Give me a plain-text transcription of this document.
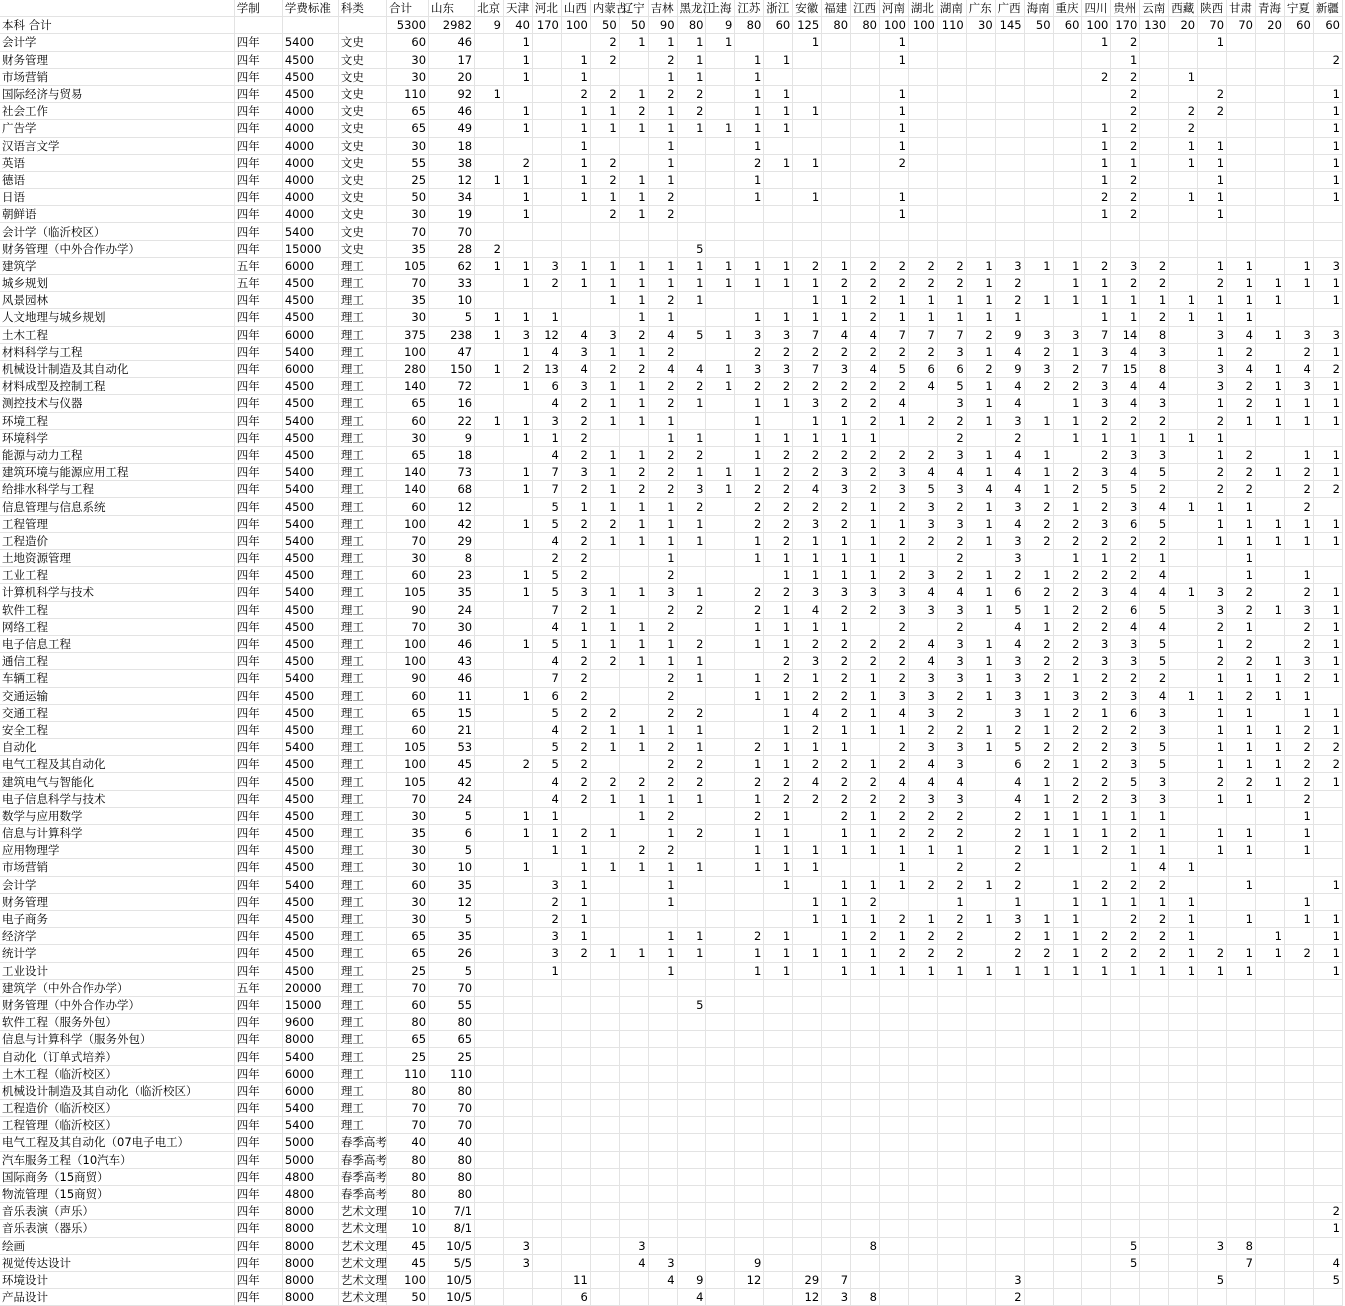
	学制	学费标准	科类	合计	山东	北京	天津	河北	山西	内蒙古	辽宁	吉林	黑龙江	上海	江苏	浙江	安徽	福建	江西	河南	湖北	湖南	广东	广西	海南	重庆	四川	贵州	云南	西藏	陕西	甘肃	青海	宁夏	新疆
本科 合计				5300	2982	9	40	170	100	50	50	90	80	9	80	60	125	80	80	100	100	110	30	145	50	60	100	170	130	20	70	70	20	60	60
会计学	四年	5400	文史	60	46		1			2	1	1	1	1			1			1							1	2			1				
财务管理	四年	4500	文史	30	17		1		1	2		2	1		1	1				1								1							2
市场营销	四年	4500	文史	30	20		1		1			1	1		1												2	2		1					
国际经济与贸易	四年	4500	文史	110	92	1			2	2	1	2	2		1	1				1								2			2				1
社会工作	四年	4000	文史	65	46		1		1	1	2	1	2		1	1	1			1								2		2	2				1
广告学	四年	4000	文史	65	49		1		1	1	1	1	1	1	1	1				1							1	2		2					1
汉语言文学	四年	4000	文史	30	18				1			1			1					1							1	2		1	1				1
英语	四年	4000	文史	55	38		2		1	2		1			2	1	1			2							1	1		1	1				1
德语	四年	4000	文史	25	12	1	1		1	2	1	1			1												1	2			1				1
日语	四年	4000	文史	50	34		1		1	1	1	2			1		1			1							2	2		1	1				1
朝鲜语	四年	4000	文史	30	19		1			2	1	2								1							1	2			1				
会计学（临沂校区）	四年	5400	文史	70	70																														
财务管理（中外合作办学）	四年	15000	文史	35	28	2							5																						
建筑学	五年	6000	理工	105	62	1	1	3	1	1	1	1	1	1	1	1	2	1	2	2	2	2	1	3	1	1	2	3	2		1	1		1	3
城乡规划	五年	4500	理工	70	33		1	2	1	1	1	1	1	1	1	1	1	2	2	2	2	2	1	2		1	1	2	2		2	1	1	1	1
风景园林	四年	4500	理工	35	10					1	1	2	1				1	1	2	1	1	1	1	2	1	1	1	1	1	1	1	1	1		1
人文地理与城乡规划	四年	4500	理工	30	5	1	1	1			1	1			1	1	1	1	2	1	1	1	1	1			1	1	2	1	1	1			
土木工程	四年	6000	理工	375	238	1	3	12	4	3	2	4	5	1	3	3	7	4	4	7	7	7	2	9	3	3	7	14	8		3	4	1	3	3
材料科学与工程	四年	5400	理工	100	47		1	4	3	1	1	2			2	2	2	2	2	2	2	3	1	4	2	1	3	4	3		1	2		2	1
机械设计制造及其自动化	四年	6000	理工	280	150	1	2	13	4	2	2	4	4	1	3	3	7	3	4	5	6	6	2	9	3	2	7	15	8		3	4	1	4	2
材料成型及控制工程	四年	4500	理工	140	72		1	6	3	1	1	2	2	1	2	2	2	2	2	2	4	5	1	4	2	2	3	4	4		3	2	1	3	1
测控技术与仪器	四年	4500	理工	65	16			4	2	1	1	2	1		1	1	3	2	2	4		3	1	4		1	3	4	3		1	2	1	1	1
环境工程	四年	5400	理工	60	22	1	1	3	2	1	1	1			1		1	1	2	1	2	2	1	3	1	1	2	2	2		2	1	1	1	1
环境科学	四年	4500	理工	30	9		1	1	2			1	1		1	1	1	1	1			2		2		1	1	1	1	1	1				
能源与动力工程	四年	4500	理工	65	18			4	2	1	1	2	2		1	2	2	2	2	2	2	3	1	4	1		2	3	3		1	2		1	1
建筑环境与能源应用工程	四年	5400	理工	140	73		1	7	3	1	2	2	1	1	1	2	2	3	2	3	4	4	1	4	1	2	3	4	5		2	2	1	2	1
给排水科学与工程	四年	5400	理工	140	68		1	7	2	1	2	2	3	1	2	2	4	3	2	3	5	3	4	4	1	2	5	5	2		2	2		2	2
信息管理与信息系统	四年	4500	理工	60	12			5	1	1	1	1	2		2	2	2	2	1	2	3	2	1	3	2	1	2	3	4	1	1	1		2	
工程管理	四年	5400	理工	100	42		1	5	2	2	1	1	1		2	2	3	2	1	1	3	3	1	4	2	2	3	6	5		1	1	1	1	1
工程造价	四年	5400	理工	70	29			4	2	1	1	1	1		1	2	1	1	1	2	2	2	1	3	2	2	2	2	2		1	1	1	1	1
土地资源管理	四年	4500	理工	30	8			2	2			1			1	1	1	1	1	1		2		3		1	1	2	1			1			
工业工程	四年	4500	理工	60	23		1	5	2			2				1	1	1	1	2	3	2	1	2	1	2	2	2	4			1		1	
计算机科学与技术	四年	5400	理工	105	35		1	5	3	1	1	3	1		2	2	3	3	3	3	4	4	1	6	2	2	3	4	4	1	3	2		2	1
软件工程	四年	4500	理工	90	24			7	2	1		2	2		2	1	4	2	2	3	3	3	1	5	1	2	2	6	5		3	2	1	3	1
网络工程	四年	4500	理工	70	30			4	1	1	1	2			1	1	1	1		2		2		4	1	2	2	4	4		2	1		2	1
电子信息工程	四年	4500	理工	100	46		1	5	1	1	1	1	2		1	1	2	2	2	2	4	3	1	4	2	2	3	3	5		1	2		2	1
通信工程	四年	4500	理工	100	43			4	2	2	1	1	1			2	3	2	2	2	4	3	1	3	2	2	3	3	5		2	2	1	3	1
车辆工程	四年	5400	理工	90	46			7	2			2	1		1	2	1	2	1	2	3	3	1	3	2	1	2	2	2		1	1	1	2	1
交通运输	四年	4500	理工	60	11		1	6	2			2			1	1	2	2	1	3	3	2	1	3	1	3	2	3	4	1	1	2	1	1	
交通工程	四年	4500	理工	65	15			5	2	2		2	2			1	4	2	1	4	3	2		3	1	2	1	6	3		1	1		1	1
安全工程	四年	4500	理工	60	21			4	2	1	1	1	1			1	2	1	1	1	2	2	1	2	1	2	2	2	3		1	1	1	2	1
自动化	四年	5400	理工	105	53			5	2	1	1	2	1		2	1	1	1		2	3	3	1	5	2	2	2	3	5		1	1	1	2	2
电气工程及其自动化	四年	4500	理工	100	45		2	5	2			2	2		1	1	2	2	1	2	4	3		6	2	1	2	3	5		1	1	1	2	2
建筑电气与智能化	四年	4500	理工	105	42			4	2	2	2	2	2		2	2	4	2	2	4	4	4		4	1	2	2	5	3		2	2	1	2	1
电子信息科学与技术	四年	4500	理工	70	24			4	2	1	1	1	1		1	2	2	2	2	2	3	3		4	1	2	2	3	3		1	1		2	
数学与应用数学	四年	4500	理工	30	5		1	1			1	2			2	1		2	1	2	2	2		2	1	1	1	1	1					1	
信息与计算科学	四年	4500	理工	35	6		1	1	2	1		1	2		1	1		1	1	2	2	2		2	1	1	1	2	1		1	1		1	
应用物理学	四年	4500	理工	30	5			1	1		2	2			1	1	1	1	1	1	1	1		2	1	1	2	1	1		1	1		1	
市场营销	四年	4500	理工	30	10		1		1	1	1	1	1		1	1	1			1		2		2				1	4	1					
会计学	四年	5400	理工	60	35			3	1			1				1		1	1	1	2	2	1	2		1	2	2	2			1			1
财务管理	四年	4500	理工	30	12			2	1			1					1	1	2			1		1		1	1	1	1	1				1	
电子商务	四年	4500	理工	30	5			2	1								1	1	1	2	1	2	1	3	1	1		2	2	1		1		1	1
经济学	四年	4500	理工	65	35			3	1			1	1		2	1		1	2	1	2	2		2	1	1	2	2	2	1			1		1
统计学	四年	4500	理工	65	26			3	2	1	1	1	1		1	1	1	1	1	2	2	2		2	2	1	2	2	2	1	2	1	1	2	1
工业设计	四年	4500	理工	25	5			1				1			1	1		1	1	1	1	1	1	1	1	1	1	1	1	1	1	1			1
建筑学（中外合作办学）	五年	20000	理工	70	70																														
财务管理（中外合作办学）	四年	15000	理工	60	55								5																						
软件工程（服务外包）	四年	9600	理工	80	80																														
信息与计算科学（服务外包）	四年	8000	理工	65	65																														
自动化（订单式培养）	四年	5400	理工	25	25																														
土木工程（临沂校区）	四年	6000	理工	110	110																														
机械设计制造及其自动化（临沂校区）	四年	6000	理工	80	80																														
工程造价（临沂校区）	四年	5400	理工	70	70																														
工程管理（临沂校区）	四年	5400	理工	70	70																														
电气工程及其自动化（07电子电工）	四年	5000	春季高考	40	40																														
汽车服务工程（10汽车）	四年	5000	春季高考	80	80																														
国际商务（15商贸）	四年	4800	春季高考	80	80																														
物流管理（15商贸）	四年	4800	春季高考	80	80																														
音乐表演（声乐）	四年	8000	艺术文理	10	7/1																														2
音乐表演（器乐）	四年	8000	艺术文理	10	8/1																														1
绘画	四年	8000	艺术文理	45	10/5		3				3								8									5			3	8			
视觉传达设计	四年	8000	艺术文理	45	5/5		3				4	3			9													5				7			4
环境设计	四年	8000	艺术文理	100	10/5				11			4	9		12		29	7						3							5				5
产品设计	四年	8000	艺术文理	50	10/5				6				4				12	3	8					2											
